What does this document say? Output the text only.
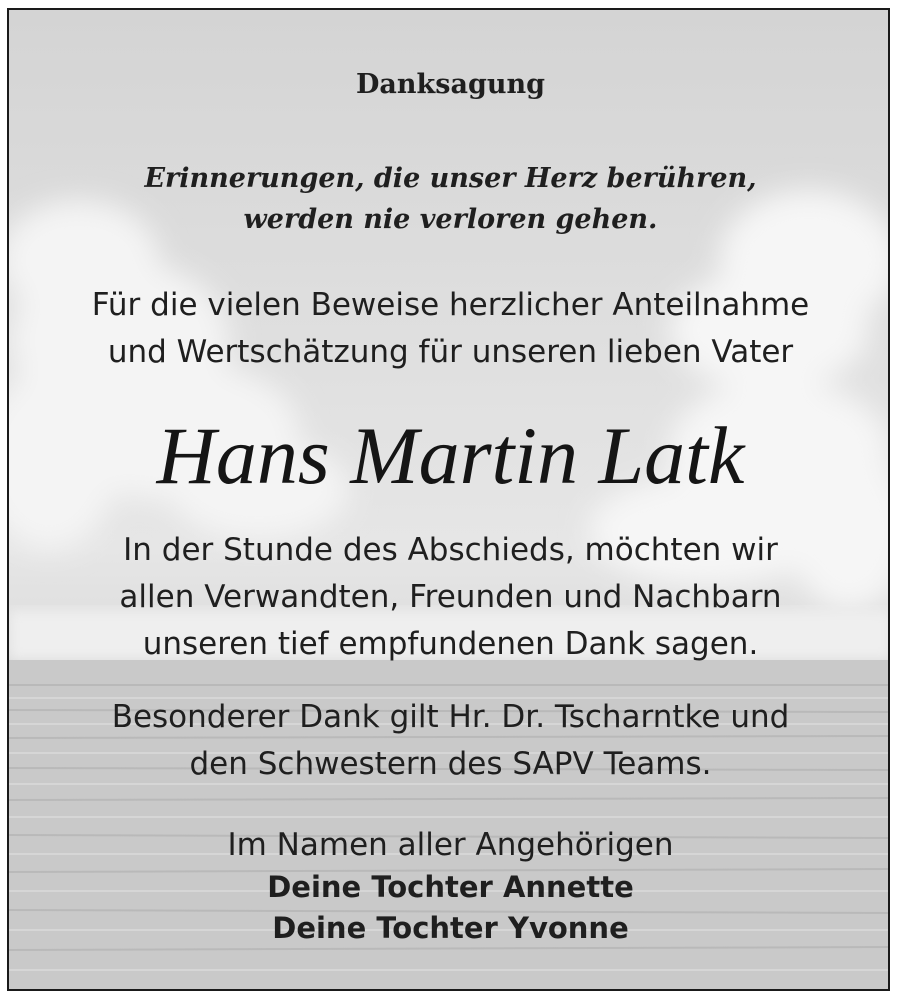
Danksagung
Erinnerungen, die unser Herz berühren,
werden nie verloren gehen.
Für die vielen Beweise herzlicher Anteilnahme
und Wertschätzung für unseren lieben Vater
Hans Martin Latk
In der Stunde des Abschieds, möchten wir
allen Verwandten, Freunden und Nachbarn
unseren tief empfundenen Dank sagen.
Besonderer Dank gilt Hr. Dr. Tscharntke und
den Schwestern des SAPV Teams.
Im Namen aller Angehörigen
Deine Tochter Annette
Deine Tochter Yvonne
